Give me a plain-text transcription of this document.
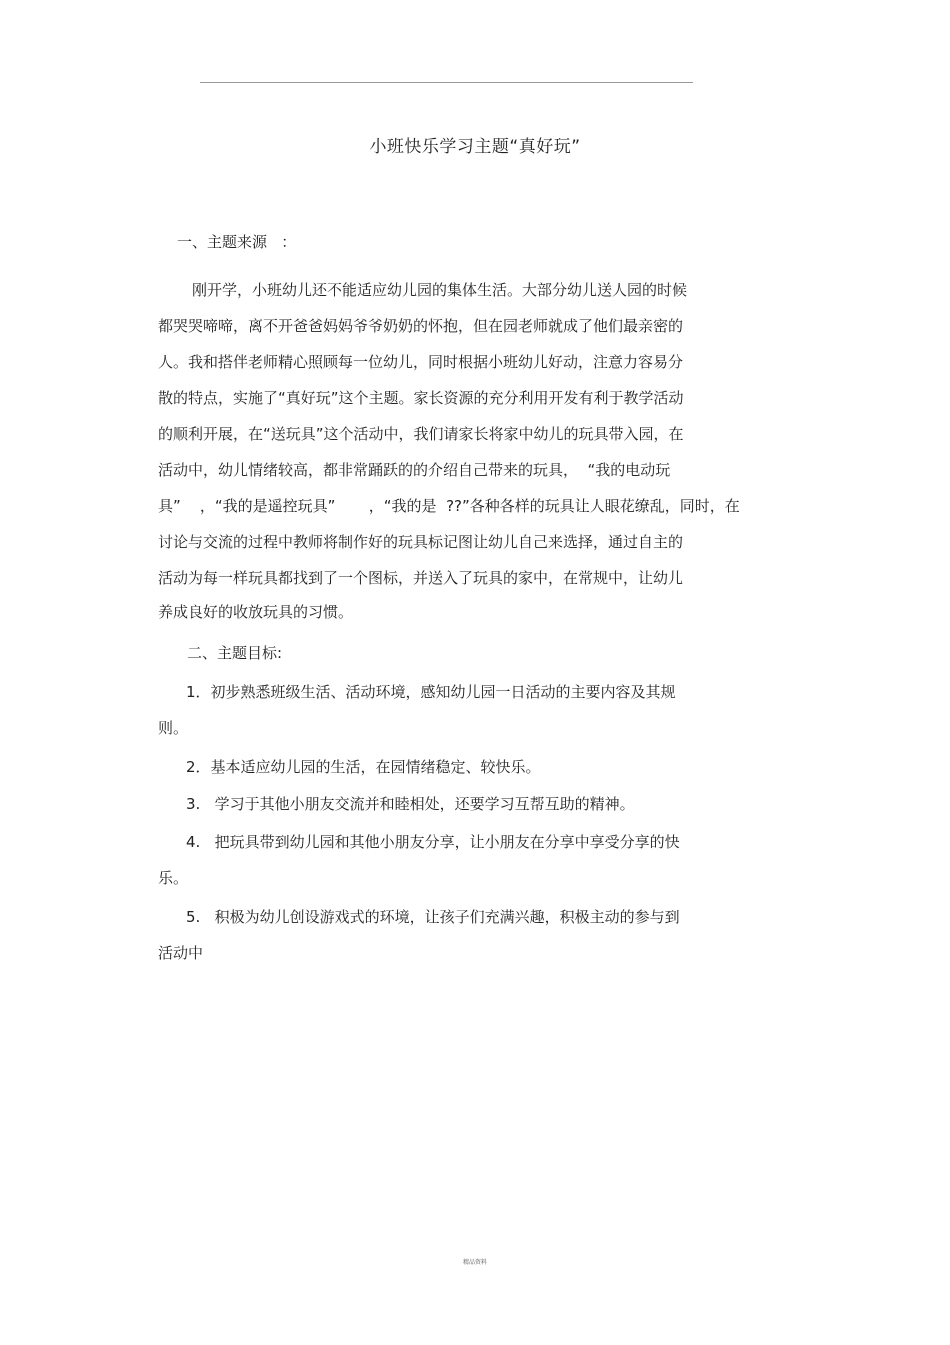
小班快乐学习主题“真好玩”
一、主题来源   ：
刚开学，小班幼儿还不能适应幼儿园的集体生活。大部分幼儿送人园的时候
都哭哭啼啼，离不开爸爸妈妈爷爷奶奶的怀抱，但在园老师就成了他们最亲密的
人。我和搭伴老师精心照顾每一位幼儿，同时根据小班幼儿好动，注意力容易分
散的特点，实施了“真好玩”这个主题。家长资源的充分利用开发有利于教学活动
的顺利开展，在“送玩具”这个活动中，我们请家长将家中幼儿的玩具带入园，在
活动中，幼儿情绪较高，都非常踊跃的的介绍自己带来的玩具，  “我的电动玩
具”    ，“我的是遥控玩具”       ，“我的是  ??”各种各样的玩具让人眼花缭乱，同时，在
讨论与交流的过程中教师将制作好的玩具标记图让幼儿自己来选择，通过自主的
活动为每一样玩具都找到了一个图标，并送入了玩具的家中，在常规中，让幼儿
养成良好的收放玩具的习惯。
二、主题目标:
1．初步熟悉班级生活、活动环境，感知幼儿园一日活动的主要内容及其规
则。
2．基本适应幼儿园的生活，在园情绪稳定、较快乐。
3.   学习于其他小朋友交流并和睦相处，还要学习互帮互助的精神。
4.   把玩具带到幼儿园和其他小朋友分享，让小朋友在分享中享受分享的快
乐。
5.   积极为幼儿创设游戏式的环境，让孩子们充满兴趣，积极主动的参与到
活动中
精品资料
